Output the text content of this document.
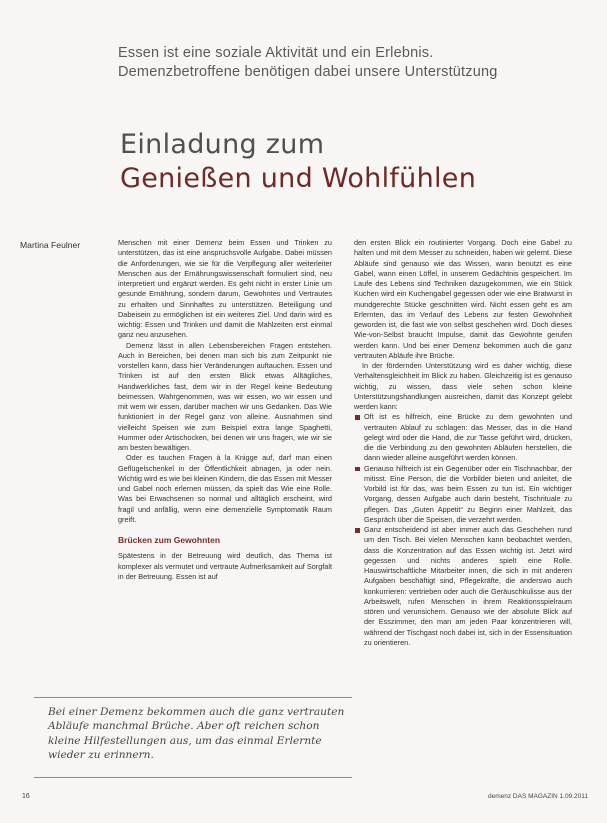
Essen ist eine soziale Aktivität und ein Erlebnis.
Demenzbetroffene benötigen dabei unsere Unterstützung
Einladung zum
Genießen und Wohlfühlen
Martina Feulner	Menschen mit einer Demenz beim Essen und Trinken zu unterstützen, das ist eine anspruchsvolle Aufgabe. Dabei müssen die Anforderungen, wie sie für die Verpflegung aller weiterleiter Menschen aus der Ernährungswissenschaft formuliert sind, neu interpretiert und ergänzt werden. Es geht nicht in erster Linie um gesunde Ernährung, sondern darum, Gewohntes und Vertrautes zu erhalten und Sinnhaftes zu unterstützen. Beteiligung und Dabeisein zu ermöglichen ist ein weiteres Ziel. Und darin wird es wichtig: Essen und Trinken und damit die Mahlzeiten erst einmal ganz neu anzusehen.

Demenz lässt in allen Lebensbereichen Fragen entstehen. Auch in Bereichen, bei denen man sich bis zum Zeitpunkt nie vorstellen kann, dass hier Veränderungen auftauchen. Essen und Trinken ist auf den ersten Blick etwas Alltägliches, Handwerkliches fast, dem wir in der Regel keine Bedeutung beimessen. Wahrgenommen, was wir essen, wo wir essen und mit wem wir essen, darüber machen wir uns Gedanken. Das Wie funktioniert in der Regel ganz von alleine. Ausnahmen sind vielleicht Speisen wie zum Beispiel extra lange Spaghetti, Hummer oder Artischocken, bei denen wir uns fragen, wie wir sie am besten bewältigen.

Oder es tauchen Fragen à la Knigge auf, darf man einen Geflügelschenkel in der Öffentlichkeit abnagen, ja oder nein. Wichtig wird es wie bei kleinen Kindern, die das Essen mit Messer und Gabel noch erlernen müssen, da spielt das Wie eine Rolle. Was bei Erwachsenen so normal und alltäglich erscheint, wird fragil und anfällig, wenn eine demenzielle Symptomatik Raum greift.

Brücken zum Gewohnten

Spätestens in der Betreuung wird deutlich, das Thema ist komplexer als vermutet und vertraute Aufmerksamkeit auf Sorgfalt in der Betreuung. Essen ist auf

den ersten Blick ein routinierter Vorgang. Doch eine Gabel zu halten und mit dem Messer zu schneiden, haben wir gelernt. Diese Abläufe sind genauso wie das Wissen, wann benutzt es eine Gabel, wann einen Löffel, in unserem Gedächtnis gespeichert. Im Laufe des Lebens sind Techniken dazugekommen, wie ein Stück Kuchen wird ein Kuchengabel gegessen oder wie eine Bratwurst in mundgerechte Stücke geschnitten wird. Nicht essen geht es am Erlernten, das im Verlauf des Lebens zur festen Gewohnheit geworden ist, die fast wie von selbst geschehen wird. Doch dieses Wie-von-Selbst braucht Impulse, damit das Gewohnte gerufen werden kann. Und bei einer Demenz bekommen auch die ganz vertrauten Abläufe ihre Brüche.

In der fördernden Unterstützung wird es daher wichtig, diese Verhaltensgleichheit im Blick zu haben. Gleichzeitig ist es genauso wichtig, zu wissen, dass viele sehen schon kleine Unterstützungshandlungen ausreichen, damit das Konzept gelebt werden kann:

Oft ist es hilfreich, eine Brücke zu dem gewohnten und vertrauten Ablauf zu schlagen: das Messer, das in die Hand gelegt wird oder die Hand, die zur Tasse geführt wird, drücken, die die Verbindung zu den gewohnten Abläufen herstellen, die dann wieder alleine ausgeführt werden können.
Genauso hilfreich ist ein Gegenüber oder ein Tischnachbar, der mitisst. Eine Person, die die Vorbilder bieten und anleitet, die Vorbild ist für das, was beim Essen zu tun ist. Ein wichtiger Vorgang, dessen Aufgabe auch darin besteht, Tischrituale zu pflegen. Das „Guten Appetit“ zu Beginn einer Mahlzeit, das Gespräch über die Speisen, die verzehrt werden.
Ganz entscheidend ist aber immer auch das Geschehen rund um den Tisch. Bei vielen Menschen kann beobachtet werden, dass die Konzentration auf das Essen wichtig ist. Jetzt wird gegessen und nichts anderes spielt eine Rolle. Hauswirtschaftliche Mitarbeiter innen, die sich in mit anderen Aufgaben beschäftigt sind, Pflegekräfte, die anderswo auch konkurrieren: vertrieben oder auch die Geräuschkulisse aus der Arbeitswelt, rufen Menschen in ihrem Reaktionsspielraum stören und verunsichern. Genauso wie der absolute Blick auf der Esszimmer, den man am jeden Paar konzentrieren will, während der Tischgast noch dabei ist, sich in der Essensituation zu orientieren.
Bei einer Demenz bekommen auch die ganz vertrauten Abläufe manchmal Brüche. Aber oft reichen schon kleine Hilfestellungen aus, um das einmal Erlernte wieder zu erinnern.
16	demenz DAS MAGAZIN 1.09.2011
